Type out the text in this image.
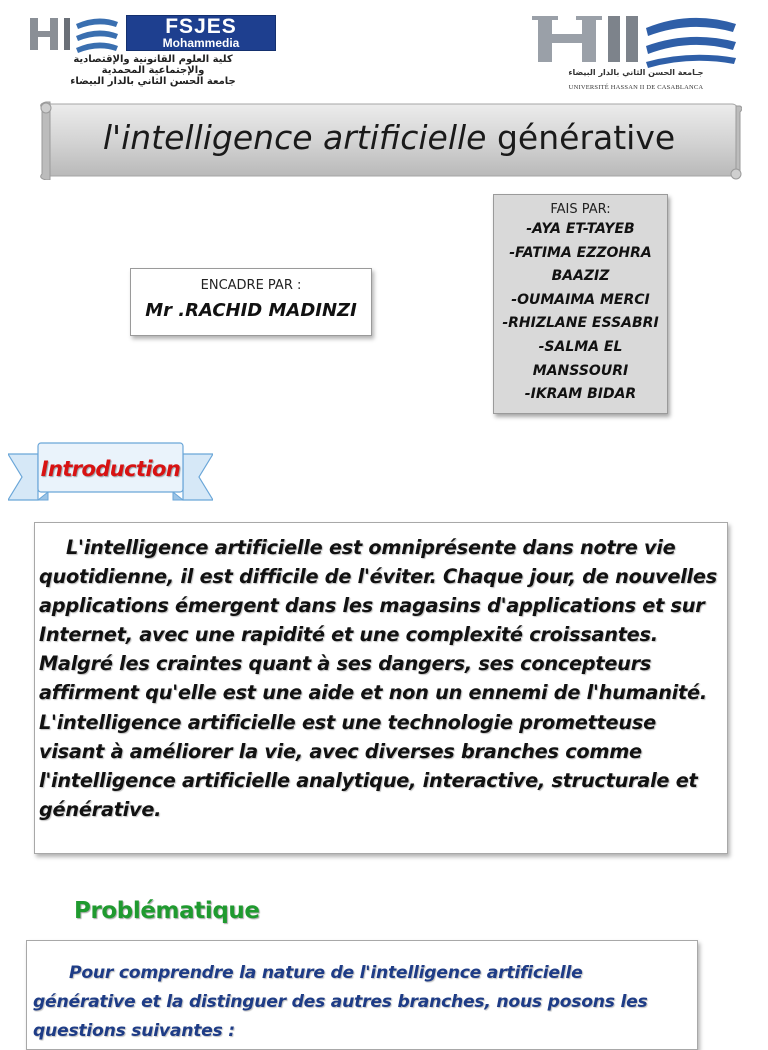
FSJES
Mohammedia
كلية العلوم القانونية والإقتصادية
والإجتماعية المحمدية
جامعة الحسن الثاني بالدار البيضاء
جـامعة الحسن الثاني بالدار البيضاء
UNIVERSITÉ HASSAN II DE CASABLANCA
l'intelligence artificielle générative
ENCADRE PAR :
Mr .RACHID MADINZI
FAIS PAR:
-AYA ET-TAYEB
-FATIMA EZZOHRA
BAAZIZ
-OUMAIMA MERCI
-RHIZLANE ESSABRI
-SALMA EL
MANSSOURI
-IKRAM BIDAR
Introduction
L'intelligence artificielle est omniprésente dans notre vie quotidienne, il est difficile de l'éviter. Chaque jour, de nouvelles applications émergent dans les magasins d'applications et sur Internet, avec une rapidité et une complexité croissantes. Malgré les craintes quant à ses dangers, ses concepteurs affirment qu'elle est une aide et non un ennemi de l'humanité. L'intelligence artificielle est une technologie prometteuse visant à améliorer la vie, avec diverses branches comme l'intelligence artificielle analytique, interactive, structurale et générative.
Problématique
Pour comprendre la nature de l'intelligence artificielle générative et la distinguer des autres branches, nous posons les questions suivantes :
